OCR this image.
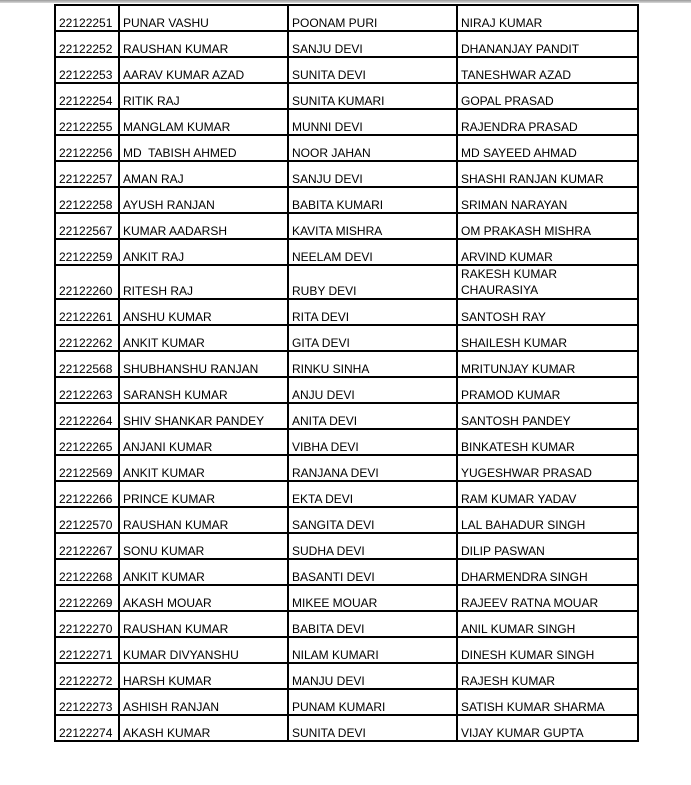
22122251	PUNAR VASHU	POONAM PURI	NIRAJ KUMAR
22122252	RAUSHAN KUMAR	SANJU DEVI	DHANANJAY PANDIT
22122253	AARAV KUMAR AZAD	SUNITA DEVI	TANESHWAR AZAD
22122254	RITIK RAJ	SUNITA KUMARI	GOPAL PRASAD
22122255	MANGLAM KUMAR	MUNNI DEVI	RAJENDRA PRASAD
22122256	MD  TABISH AHMED	NOOR JAHAN	MD SAYEED AHMAD
22122257	AMAN RAJ	SANJU DEVI	SHASHI RANJAN KUMAR
22122258	AYUSH RANJAN	BABITA KUMARI	SRIMAN NARAYAN
22122567	KUMAR AADARSH	KAVITA MISHRA	OM PRAKASH MISHRA
22122259	ANKIT RAJ	NEELAM DEVI	ARVIND KUMAR
22122260	RITESH RAJ	RUBY DEVI	RAKESH KUMAR CHAURASIYA
22122261	ANSHU KUMAR	RITA DEVI	SANTOSH RAY
22122262	ANKIT KUMAR	GITA DEVI	SHAILESH KUMAR
22122568	SHUBHANSHU RANJAN	RINKU SINHA	MRITUNJAY KUMAR
22122263	SARANSH KUMAR	ANJU DEVI	PRAMOD KUMAR
22122264	SHIV SHANKAR PANDEY	ANITA DEVI	SANTOSH PANDEY
22122265	ANJANI KUMAR	VIBHA DEVI	BINKATESH KUMAR
22122569	ANKIT KUMAR	RANJANA DEVI	YUGESHWAR PRASAD
22122266	PRINCE KUMAR	EKTA DEVI	RAM KUMAR YADAV
22122570	RAUSHAN KUMAR	SANGITA DEVI	LAL BAHADUR SINGH
22122267	SONU KUMAR	SUDHA DEVI	DILIP PASWAN
22122268	ANKIT KUMAR	BASANTI DEVI	DHARMENDRA SINGH
22122269	AKASH MOUAR	MIKEE MOUAR	RAJEEV RATNA MOUAR
22122270	RAUSHAN KUMAR	BABITA DEVI	ANIL KUMAR SINGH
22122271	KUMAR DIVYANSHU	NILAM KUMARI	DINESH KUMAR SINGH
22122272	HARSH KUMAR	MANJU DEVI	RAJESH KUMAR
22122273	ASHISH RANJAN	PUNAM KUMARI	SATISH KUMAR SHARMA
22122274	AKASH KUMAR	SUNITA DEVI	VIJAY KUMAR GUPTA
